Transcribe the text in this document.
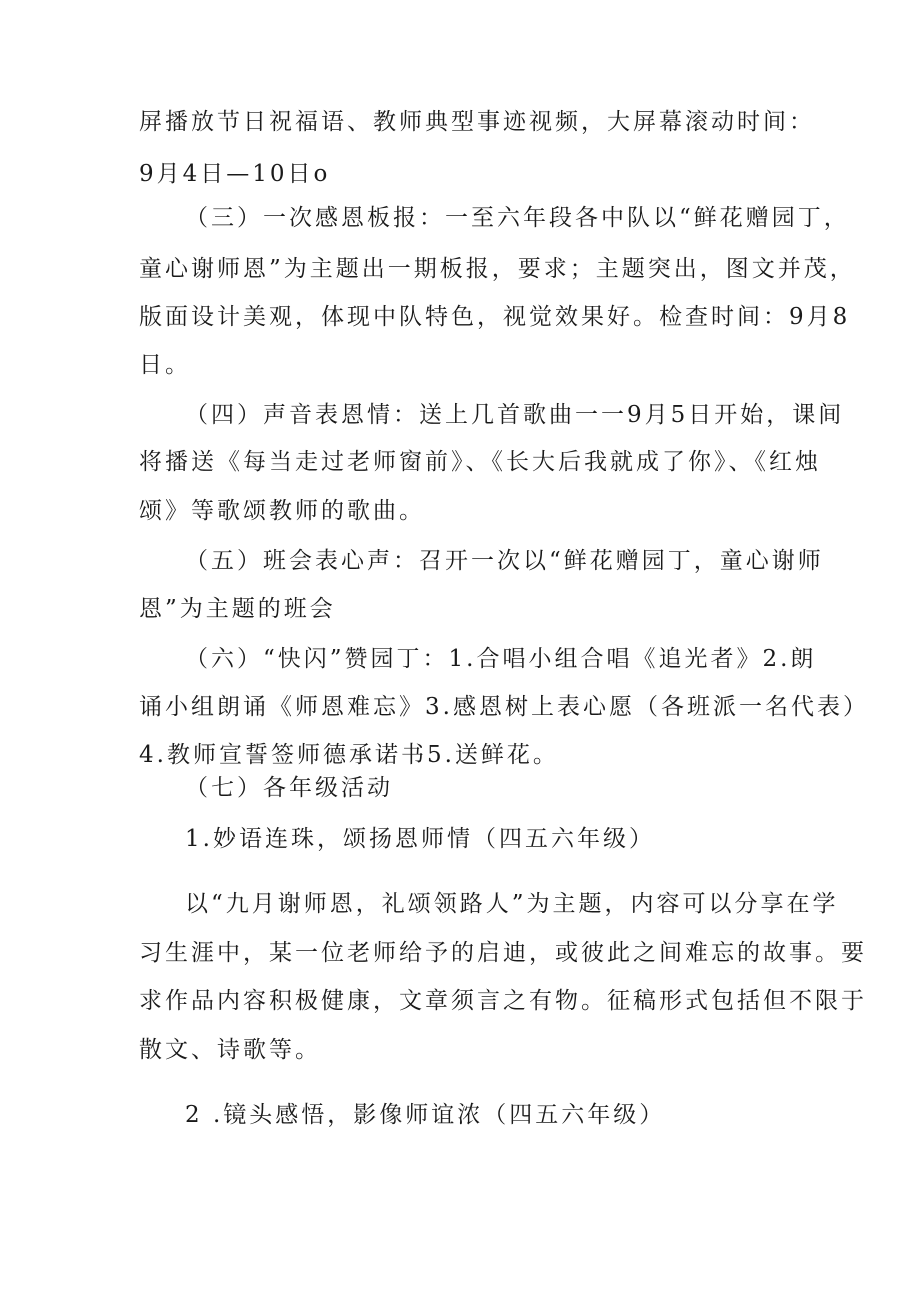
屏播放节日祝福语、教师典型事迹视频，大屏幕滚动时间：
9月4日—10日o
（三）一次感恩板报：一至六年段各中队以“鲜花赠园丁，
童心谢师恩”为主题出一期板报，要求；主题突出，图文并茂，
版面设计美观，体现中队特色，视觉效果好。检查时间：9月8
日。
（四）声音表恩情：送上几首歌曲一一9月5日开始，课间
将播送《每当走过老师窗前》、《长大后我就成了你》、《红烛
颂》等歌颂教师的歌曲。
（五）班会表心声：召开一次以“鲜花赠园丁，童心谢师
恩”为主题的班会
（六）“快闪”赞园丁：1.合唱小组合唱《追光者》2.朗
诵小组朗诵《师恩难忘》3.感恩树上表心愿（各班派一名代表）
4.教师宣誓签师德承诺书5.送鲜花。
（七）各年级活动
1.妙语连珠，颂扬恩师情（四五六年级）
以“九月谢师恩，礼颂领路人”为主题，内容可以分享在学
习生涯中，某一位老师给予的启迪，或彼此之间难忘的故事。要
求作品内容积极健康，文章须言之有物。征稿形式包括但不限于
散文、诗歌等。
2 .镜头感悟，影像师谊浓（四五六年级）
